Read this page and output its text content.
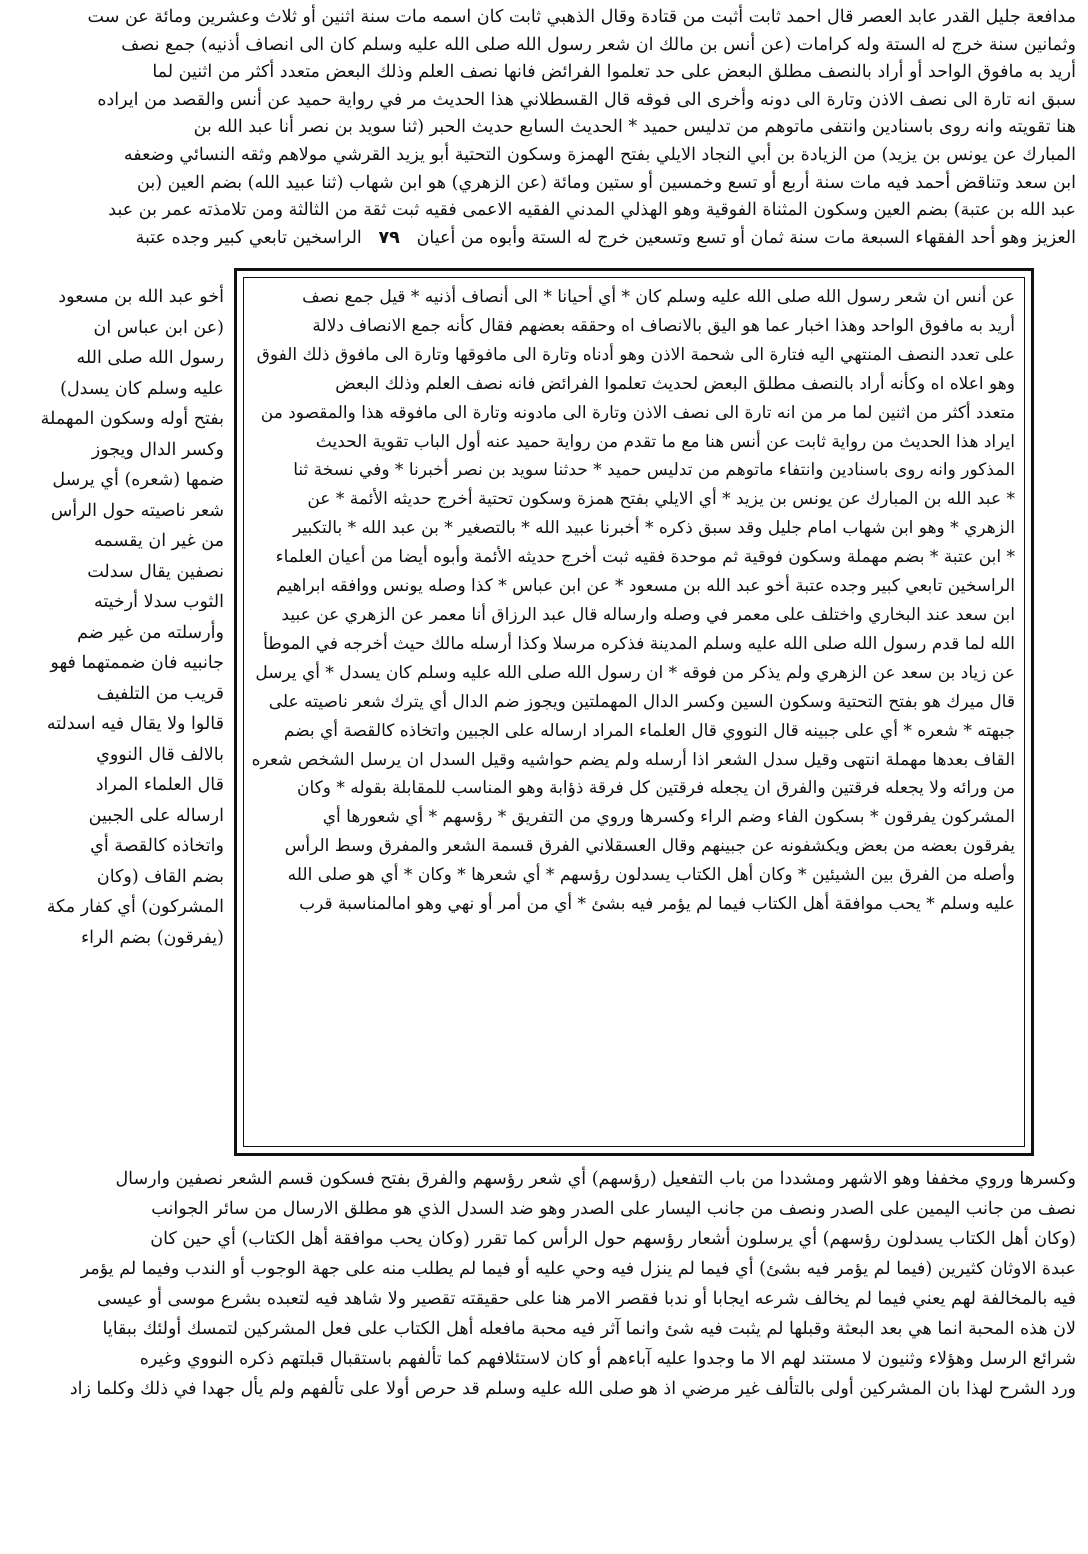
مدافعة جليل القدر عابد العصر قال احمد ثابت أثبت من قتادة وقال الذهبي ثابت كان اسمه مات سنة اثنين أو ثلاث وعشرين ومائة عن ست
وثمانين سنة خرج له الستة وله كرامات (عن أنس بن مالك ان شعر رسول الله صلى الله عليه وسلم كان الى انصاف أذنيه) جمع نصف
أريد به مافوق الواحد أو أراد بالنصف مطلق البعض على حد تعلموا الفرائض فانها نصف العلم وذلك البعض متعدد أكثر من اثنين لما
سبق انه تارة الى نصف الاذن وتارة الى دونه وأخرى الى فوقه قال القسطلاني هذا الحديث مر في رواية حميد عن أنس والقصد من ايراده
هنا تقويته وانه روى باسنادين وانتفى ماتوهم من تدليس حميد * الحديث السابع حديث الحبر (ثنا سويد بن نصر أنا عبد الله بن
المبارك عن يونس بن يزيد) من الزيادة بن أبي النجاد الايلي بفتح الهمزة وسكون التحتية أبو يزيد القرشي مولاهم وثقه النسائي وضعفه
ابن سعد وتناقض أحمد فيه مات سنة أربع أو تسع وخمسين أو ستين ومائة (عن الزهري) هو ابن شهاب (ثنا عبيد الله) بضم العين (بن
عبد الله بن عتبة) بضم العين وسكون المثناة الفوقية وهو الهذلي المدني الفقيه الاعمى فقيه ثبت ثقة من الثالثة ومن تلامذته عمر بن عبد
العزيز وهو أحد الفقهاء السبعة مات سنة ثمان أو تسع وتسعين خرج له الستة وأبوه من أعيان   ٧٩   الراسخين تابعي كبير وجده عتبة
عن أنس ان شعر رسول الله صلى الله عليه وسلم كان * أي أحيانا * الى أنصاف أذنيه * قيل جمع نصف
أريد به مافوق الواحد وهذا اخبار عما هو اليق بالانصاف اه وحققه بعضهم فقال كأنه جمع الانصاف دلالة
على تعدد النصف المنتهي اليه فتارة الى شحمة الاذن وهو أدناه وتارة الى مافوقها وتارة الى مافوق ذلك الفوق
وهو اعلاه اه وكأنه أراد بالنصف مطلق البعض لحديث تعلموا الفرائض فانه نصف العلم وذلك البعض
متعدد أكثر من اثنين لما مر من انه تارة الى نصف الاذن وتارة الى مادونه وتارة الى مافوقه هذا والمقصود من
ايراد هذا الحديث من رواية ثابت عن أنس هنا مع ما تقدم من رواية حميد عنه أول الباب تقوية الحديث
المذكور وانه روى باسنادين وانتفاء ماتوهم من تدليس حميد * حدثنا سويد بن نصر أخبرنا * وفي نسخة ثنا
* عبد الله بن المبارك عن يونس بن يزيد * أي الايلي بفتح همزة وسكون تحتية أخرج حديثه الأئمة * عن
الزهري * وهو ابن شهاب امام جليل وقد سبق ذكره * أخبرنا عبيد الله * بالتصغير * بن عبد الله * بالتكبير
* ابن عتبة * بضم مهملة وسكون فوقية ثم موحدة فقيه ثبت أخرج حديثه الأئمة وأبوه أيضا من أعيان العلماء
الراسخين تابعي كبير وجده عتبة أخو عبد الله بن مسعود * عن ابن عباس * كذا وصله يونس ووافقه ابراهيم
ابن سعد عند البخاري واختلف على معمر في وصله وارساله قال عبد الرزاق أنا معمر عن الزهري عن عبيد
الله لما قدم رسول الله صلى الله عليه وسلم المدينة فذكره مرسلا وكذا أرسله مالك حيث أخرجه في الموطأ
عن زياد بن سعد عن الزهري ولم يذكر من فوقه * ان رسول الله صلى الله عليه وسلم كان يسدل * أي يرسل
قال ميرك هو بفتح التحتية وسكون السين وكسر الدال المهملتين ويجوز ضم الدال أي يترك شعر ناصيته على
جبهته * شعره * أي على جبينه قال النووي قال العلماء المراد ارساله على الجبين واتخاذه كالقصة أي بضم
القاف بعدها مهملة انتهى وقيل سدل الشعر اذا أرسله ولم يضم حواشيه وقيل السدل ان يرسل الشخص شعره
من ورائه ولا يجعله فرقتين والفرق ان يجعله فرقتين كل فرقة ذؤابة وهو المناسب للمقابلة بقوله * وكان
المشركون يفرقون * بسكون الفاء وضم الراء وكسرها وروي من التفريق * رؤسهم * أي شعورها أي
يفرقون بعضه من بعض ويكشفونه عن جبينهم وقال العسقلاني الفرق قسمة الشعر والمفرق وسط الرأس
وأصله من الفرق بين الشيئين * وكان أهل الكتاب يسدلون رؤسهم * أي شعرها * وكان * أي هو صلى الله
عليه وسلم * يحب موافقة أهل الكتاب فيما لم يؤمر فيه بشئ * أي من أمر أو نهي وهو امالمناسبة قرب
أخو عبد الله بن مسعود
(عن ابن عباس ان
رسول الله صلى الله
عليه وسلم كان يسدل)
بفتح أوله وسكون المهملة
وكسر الدال ويجوز
ضمها (شعره) أي يرسل
شعر ناصيته حول الرأس
من غير ان يقسمه
نصفين يقال سدلت
الثوب سدلا أرخيته
وأرسلته من غير ضم
جانبيه فان ضممتهما فهو
قريب من التلفيف
قالوا ولا يقال فيه اسدلته
بالالف قال النووي
قال العلماء المراد
ارساله على الجبين
واتخاذه كالقصة أي
بضم القاف (وكان
المشركون) أي كفار مكة
(يفرقون) بضم الراء
وكسرها وروي مخففا وهو الاشهر ومشددا من باب التفعيل (رؤسهم) أي شعر رؤسهم والفرق بفتح فسكون قسم الشعر نصفين وارسال
نصف من جانب اليمين على الصدر ونصف من جانب اليسار على الصدر وهو ضد السدل الذي هو مطلق الارسال من سائر الجوانب
(وكان أهل الكتاب يسدلون رؤسهم) أي يرسلون أشعار رؤسهم حول الرأس كما تقرر (وكان يحب موافقة أهل الكتاب) أي حين كان
عبدة الاوثان كثيرين (فيما لم يؤمر فيه بشئ) أي فيما لم ينزل فيه وحي عليه أو فيما لم يطلب منه على جهة الوجوب أو الندب وفيما لم يؤمر
فيه بالمخالفة لهم يعني فيما لم يخالف شرعه ايجابا أو ندبا فقصر الامر هنا على حقيقته تقصير ولا شاهد فيه لتعبده بشرع موسى أو عيسى
لان هذه المحبة انما هي بعد البعثة وقبلها لم يثبت فيه شئ وانما آثر فيه محبة مافعله أهل الكتاب على فعل المشركين لتمسك أولئك ببقايا
شرائع الرسل وهؤلاء وثنيون لا مستند لهم الا ما وجدوا عليه آباءهم أو كان لاستئلافهم كما تألفهم باستقبال قبلتهم ذكره النووي وغيره
ورد الشرح لهذا بان المشركين أولى بالتألف غير مرضي اذ هو صلى الله عليه وسلم قد حرص أولا على تألفهم ولم يأل جهدا في ذلك وكلما زاد
